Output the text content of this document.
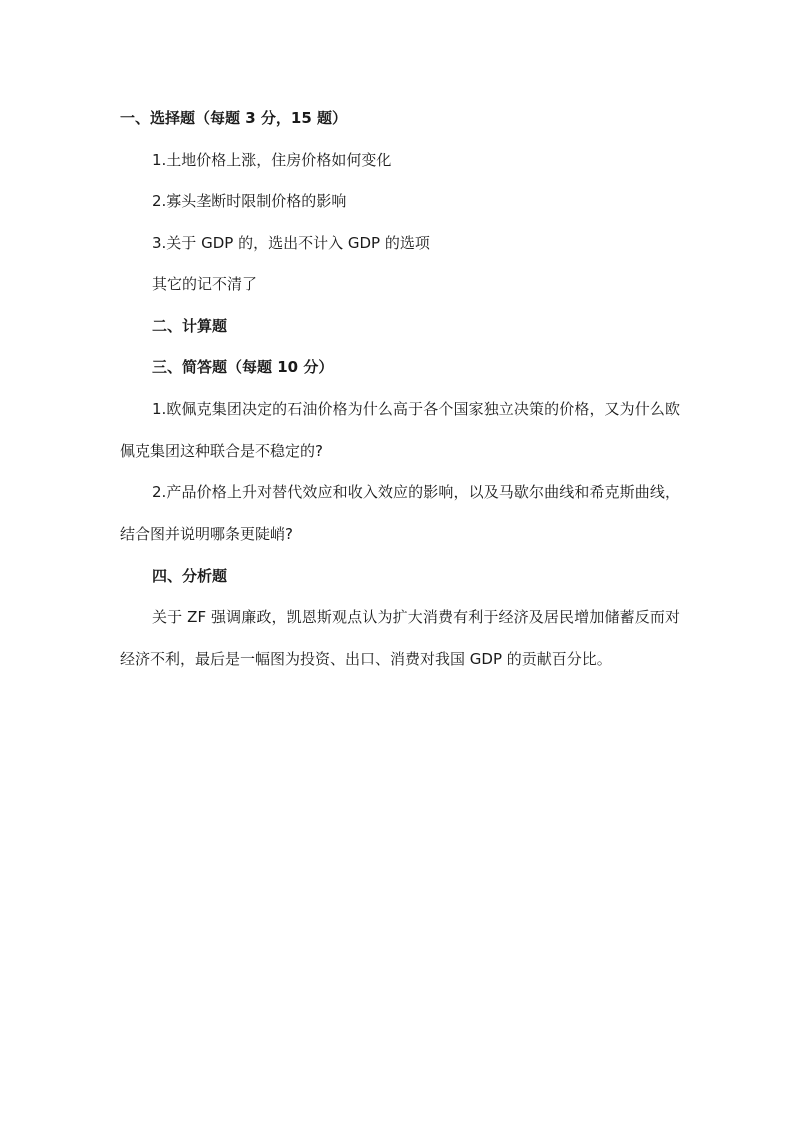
一、选择题（每题 3 分，15 题）
1.土地价格上涨，住房价格如何变化
2.寡头垄断时限制价格的影响
3.关于 GDP 的，选出不计入 GDP 的选项
其它的记不清了
二、计算题
三、简答题（每题 10 分）
1.欧佩克集团决定的石油价格为什么高于各个国家独立决策的价格，又为什么欧佩克集团这种联合是不稳定的?
2.产品价格上升对替代效应和收入效应的影响，以及马歇尔曲线和希克斯曲线，结合图并说明哪条更陡峭?
四、分析题
关于 ZF 强调廉政，凯恩斯观点认为扩大消费有利于经济及居民增加储蓄反而对经济不利，最后是一幅图为投资、出口、消费对我国 GDP 的贡献百分比。
